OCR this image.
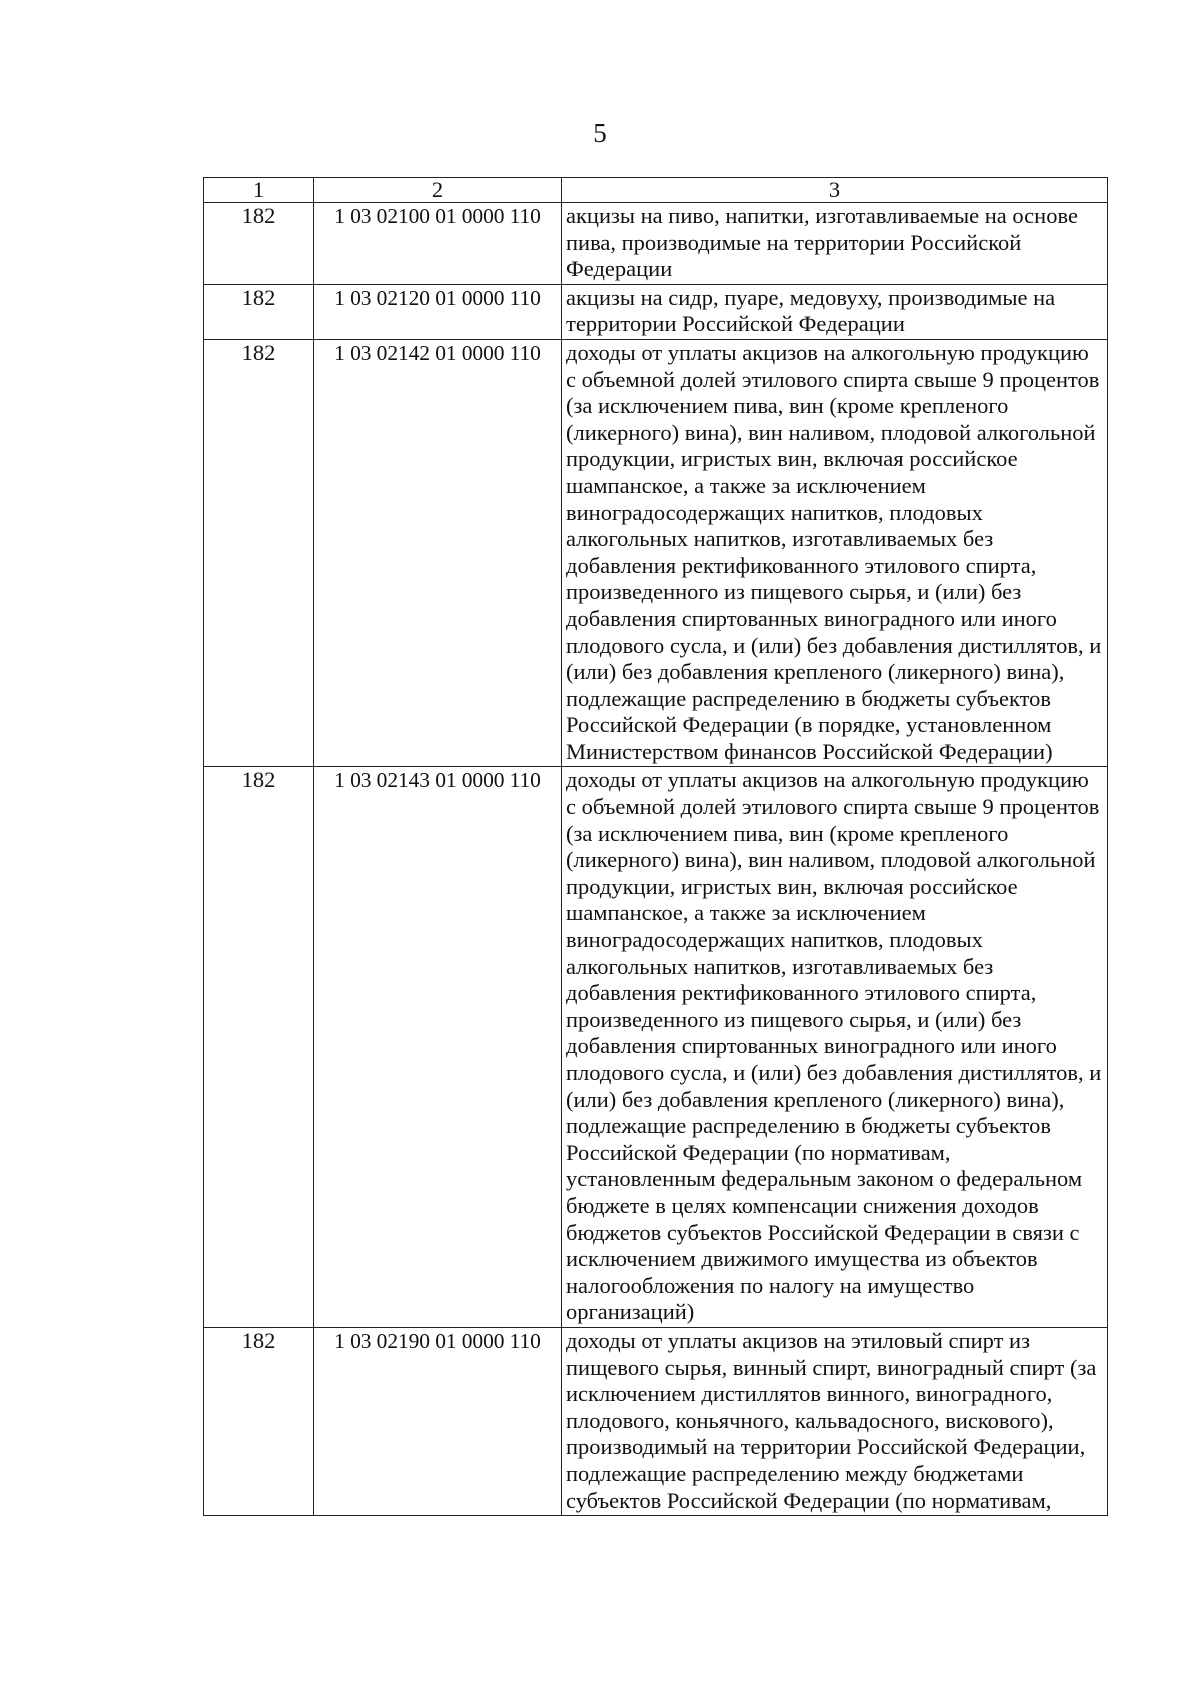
5
1	2	3
182	1 03 02100 01 0000 110	акцизы на пиво, напитки, изготавливаемые на основе пива, производимые на территории Российской Федерации
182	1 03 02120 01 0000 110	акцизы на сидр, пуаре, медовуху, производимые на территории Российской Федерации
182	1 03 02142 01 0000 110	доходы от уплаты акцизов на алкогольную продукцию с объемной долей этилового спирта свыше 9 процентов (за исключением пива, вин (кроме крепленого (ликерного) вина), вин наливом, плодовой алкогольной продукции, игристых вин, включая российское шампанское, а также за исключением виноградосодержащих напитков, плодовых алкогольных напитков, изготавливаемых без добавления ректификованного этилового спирта, произведенного из пищевого сырья, и (или) без добавления спиртованных виноградного или иного плодового сусла, и (или) без добавления дистиллятов, и (или) без добавления крепленого (ликерного) вина), подлежащие распределению в бюджеты субъектов Российской Федерации (в порядке, установленном Министерством финансов Российской Федерации)
182	1 03 02143 01 0000 110	доходы от уплаты акцизов на алкогольную продукцию с объемной долей этилового спирта свыше 9 процентов (за исключением пива, вин (кроме крепленого (ликерного) вина), вин наливом, плодовой алкогольной продукции, игристых вин, включая российское шампанское, а также за исключением виноградосодержащих напитков, плодовых алкогольных напитков, изготавливаемых без добавления ректификованного этилового спирта, произведенного из пищевого сырья, и (или) без добавления спиртованных виноградного или иного плодового сусла, и (или) без добавления дистиллятов, и (или) без добавления крепленого (ликерного) вина), подлежащие распределению в бюджеты субъектов Российской Федерации (по нормативам, установленным федеральным законом о федеральном бюджете в целях компенсации снижения доходов бюджетов субъектов Российской Федерации в связи с исключением движимого имущества из объектов налогообложения по налогу на имущество организаций)
182	1 03 02190 01 0000 110	доходы от уплаты акцизов на этиловый спирт из пищевого сырья, винный спирт, виноградный спирт (за исключением дистиллятов винного, виноградного, плодового, коньячного, кальвадосного, вискового), производимый на территории Российской Федерации, подлежащие распределению между бюджетами субъектов Российской Федерации (по нормативам,
